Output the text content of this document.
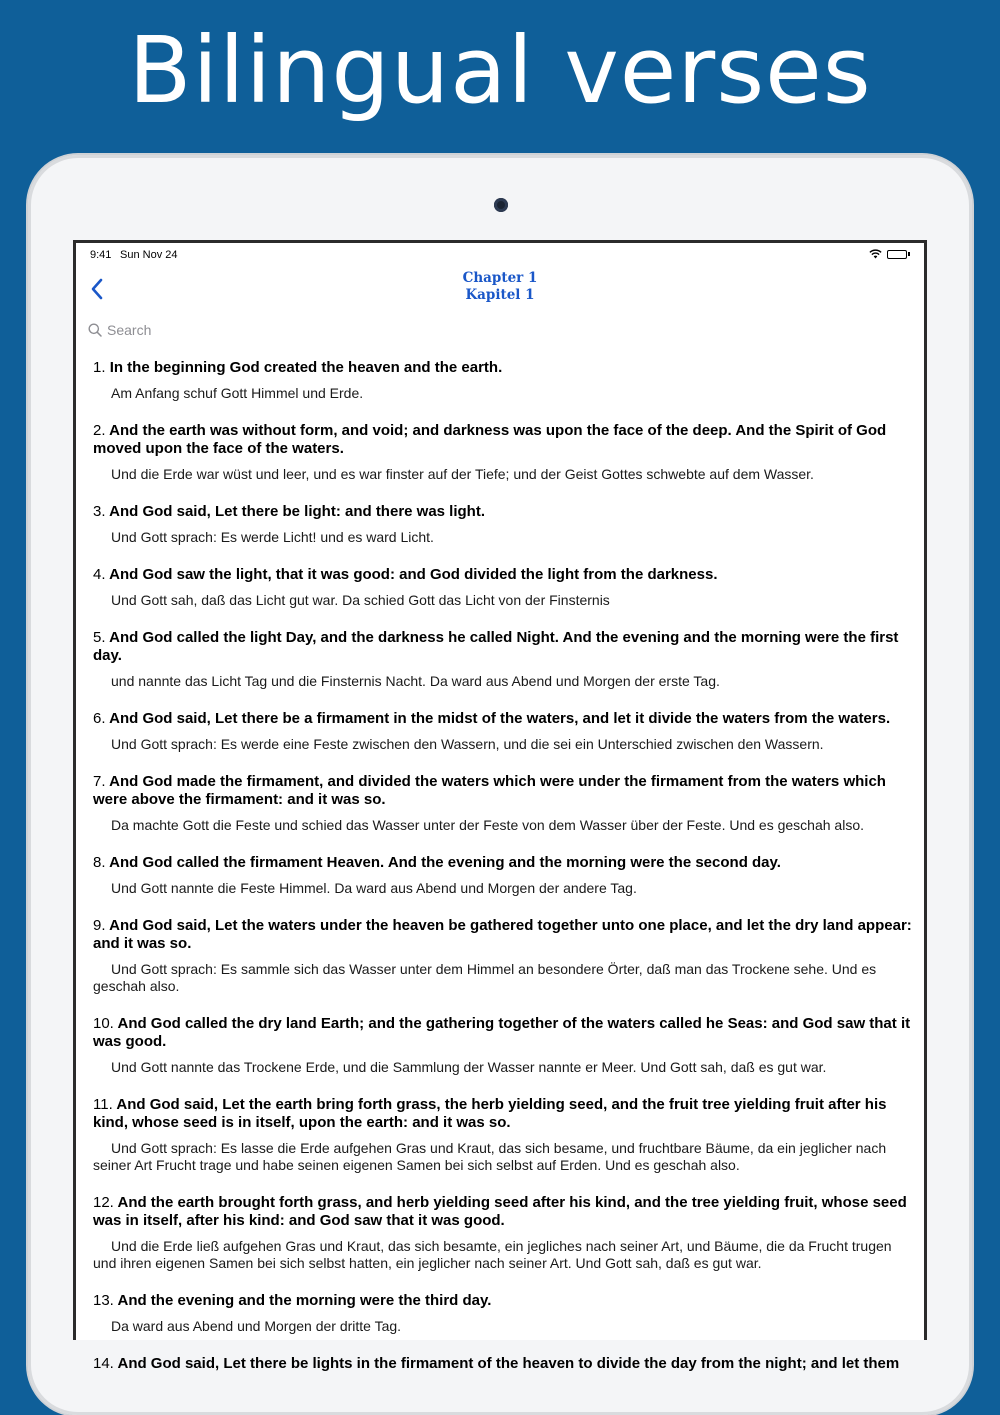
Bilingual verses
9:41 Sun Nov 24
Chapter 1
Kapitel 1
Search
1. In the beginning God created the heaven and the earth.
Am Anfang schuf Gott Himmel und Erde.
2. And the earth was without form, and void; and darkness was upon the face of the deep. And the Spirit of God moved upon the face of the waters.
Und die Erde war wüst und leer, und es war finster auf der Tiefe; und der Geist Gottes schwebte auf dem Wasser.
3. And God said, Let there be light: and there was light.
Und Gott sprach: Es werde Licht! und es ward Licht.
4. And God saw the light, that it was good: and God divided the light from the darkness.
Und Gott sah, daß das Licht gut war. Da schied Gott das Licht von der Finsternis
5. And God called the light Day, and the darkness he called Night. And the evening and the morning were the first day.
und nannte das Licht Tag und die Finsternis Nacht. Da ward aus Abend und Morgen der erste Tag.
6. And God said, Let there be a firmament in the midst of the waters, and let it divide the waters from the waters.
Und Gott sprach: Es werde eine Feste zwischen den Wassern, und die sei ein Unterschied zwischen den Wassern.
7. And God made the firmament, and divided the waters which were under the firmament from the waters which were above the firmament: and it was so.
Da machte Gott die Feste und schied das Wasser unter der Feste von dem Wasser über der Feste. Und es geschah also.
8. And God called the firmament Heaven. And the evening and the morning were the second day.
Und Gott nannte die Feste Himmel. Da ward aus Abend und Morgen der andere Tag.
9. And God said, Let the waters under the heaven be gathered together unto one place, and let the dry land appear: and it was so.
Und Gott sprach: Es sammle sich das Wasser unter dem Himmel an besondere Örter, daß man das Trockene sehe. Und es geschah also.
10. And God called the dry land Earth; and the gathering together of the waters called he Seas: and God saw that it was good.
Und Gott nannte das Trockene Erde, und die Sammlung der Wasser nannte er Meer. Und Gott sah, daß es gut war.
11. And God said, Let the earth bring forth grass, the herb yielding seed, and the fruit tree yielding fruit after his kind, whose seed is in itself, upon the earth: and it was so.
Und Gott sprach: Es lasse die Erde aufgehen Gras und Kraut, das sich besame, und fruchtbare Bäume, da ein jeglicher nach seiner Art Frucht trage und habe seinen eigenen Samen bei sich selbst auf Erden. Und es geschah also.
12. And the earth brought forth grass, and herb yielding seed after his kind, and the tree yielding fruit, whose seed was in itself, after his kind: and God saw that it was good.
Und die Erde ließ aufgehen Gras und Kraut, das sich besamte, ein jegliches nach seiner Art, und Bäume, die da Frucht trugen und ihren eigenen Samen bei sich selbst hatten, ein jeglicher nach seiner Art. Und Gott sah, daß es gut war.
13. And the evening and the morning were the third day.
Da ward aus Abend und Morgen der dritte Tag.
14. And God said, Let there be lights in the firmament of the heaven to divide the day from the night; and let them
